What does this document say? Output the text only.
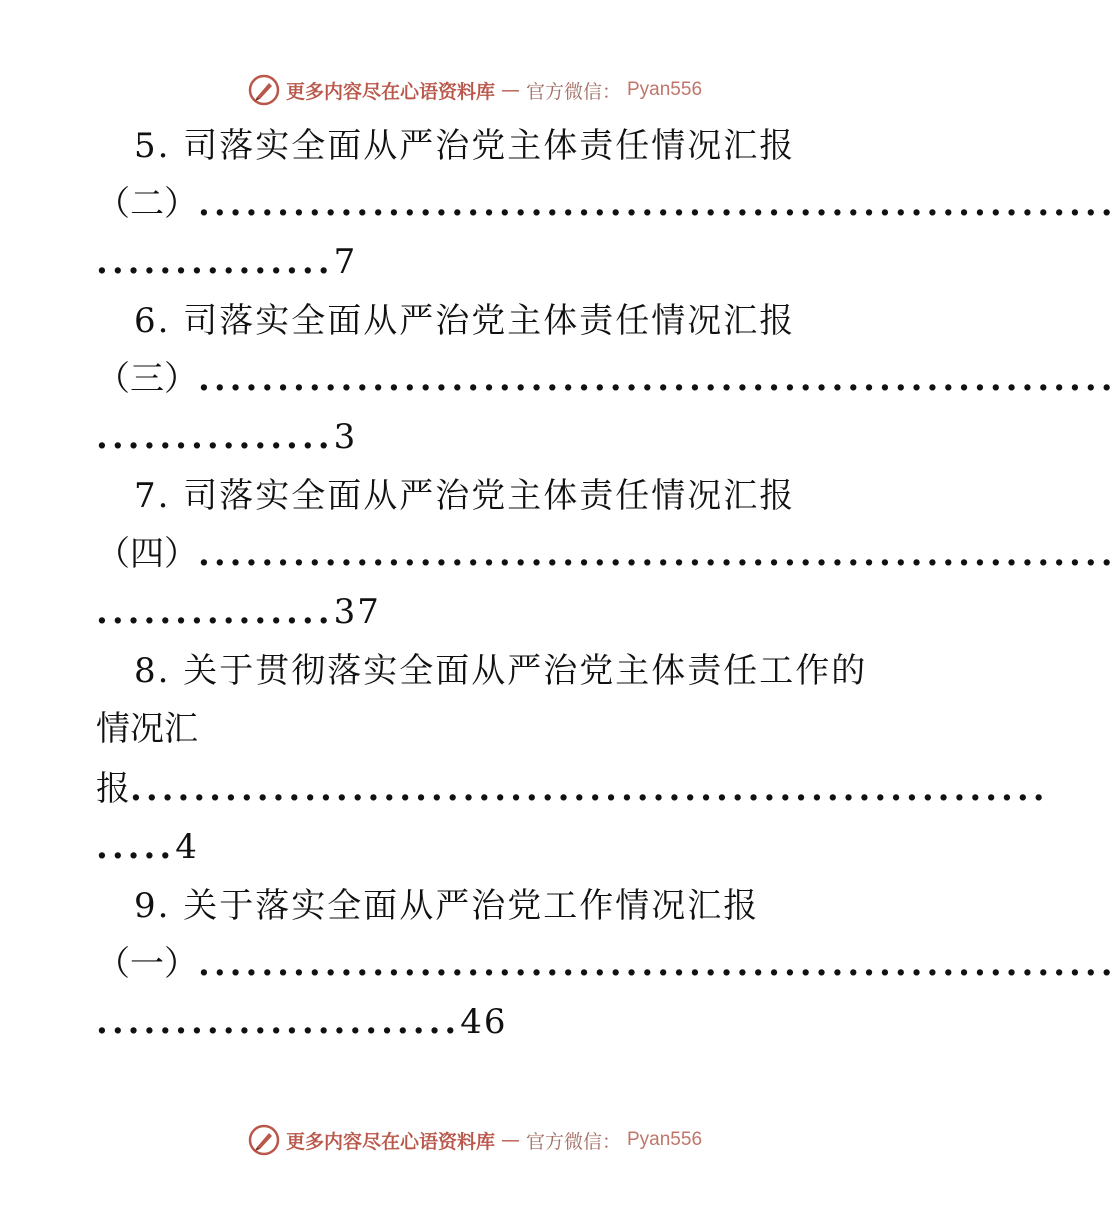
更多内容尽在心语资料库 — 官方微信： Pyan556
5. 司落实全面从严治党主体责任情况汇报
（二）..........................................................
...............7
6. 司落实全面从严治党主体责任情况汇报
（三）..........................................................
...............3
7. 司落实全面从严治党主体责任情况汇报
（四）..........................................................
...............37
8. 关于贯彻落实全面从严治党主体责任工作的
情况汇
报..........................................................
.....4
9. 关于落实全面从严治党工作情况汇报
（一）..........................................................
.......................46
更多内容尽在心语资料库 — 官方微信： Pyan556
